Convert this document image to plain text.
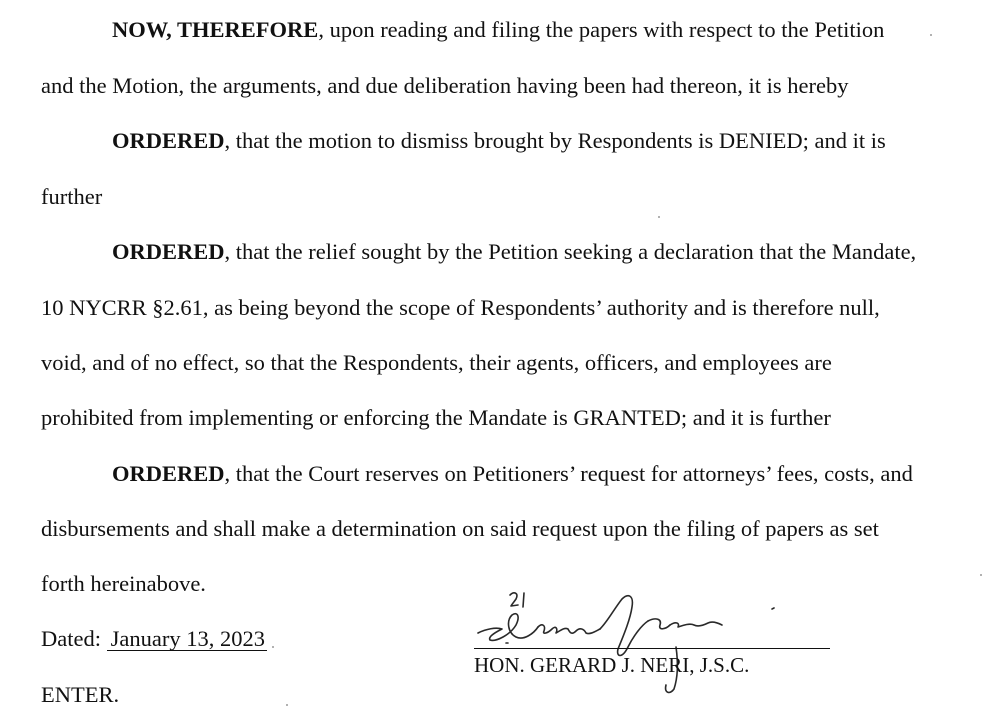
NOW, THEREFORE, upon reading and filing the papers with respect to the Petition
and the Motion, the arguments, and due deliberation having been had thereon, it is hereby
ORDERED, that the motion to dismiss brought by Respondents is DENIED; and it is
further
ORDERED, that the relief sought by the Petition seeking a declaration that the Mandate,
10 NYCRR §2.61, as being beyond the scope of Respondents’ authority and is therefore null,
void, and of no effect, so that the Respondents, their agents, officers, and employees are
prohibited from implementing or enforcing the Mandate is GRANTED; and it is further
ORDERED, that the Court reserves on Petitioners’ request for attorneys’ fees, costs, and
disbursements and shall make a determination on said request upon the filing of papers as set
forth hereinabove.
Dated: January 13, 2023
ENTER.
HON. GERARD J. NERI, J.S.C.
